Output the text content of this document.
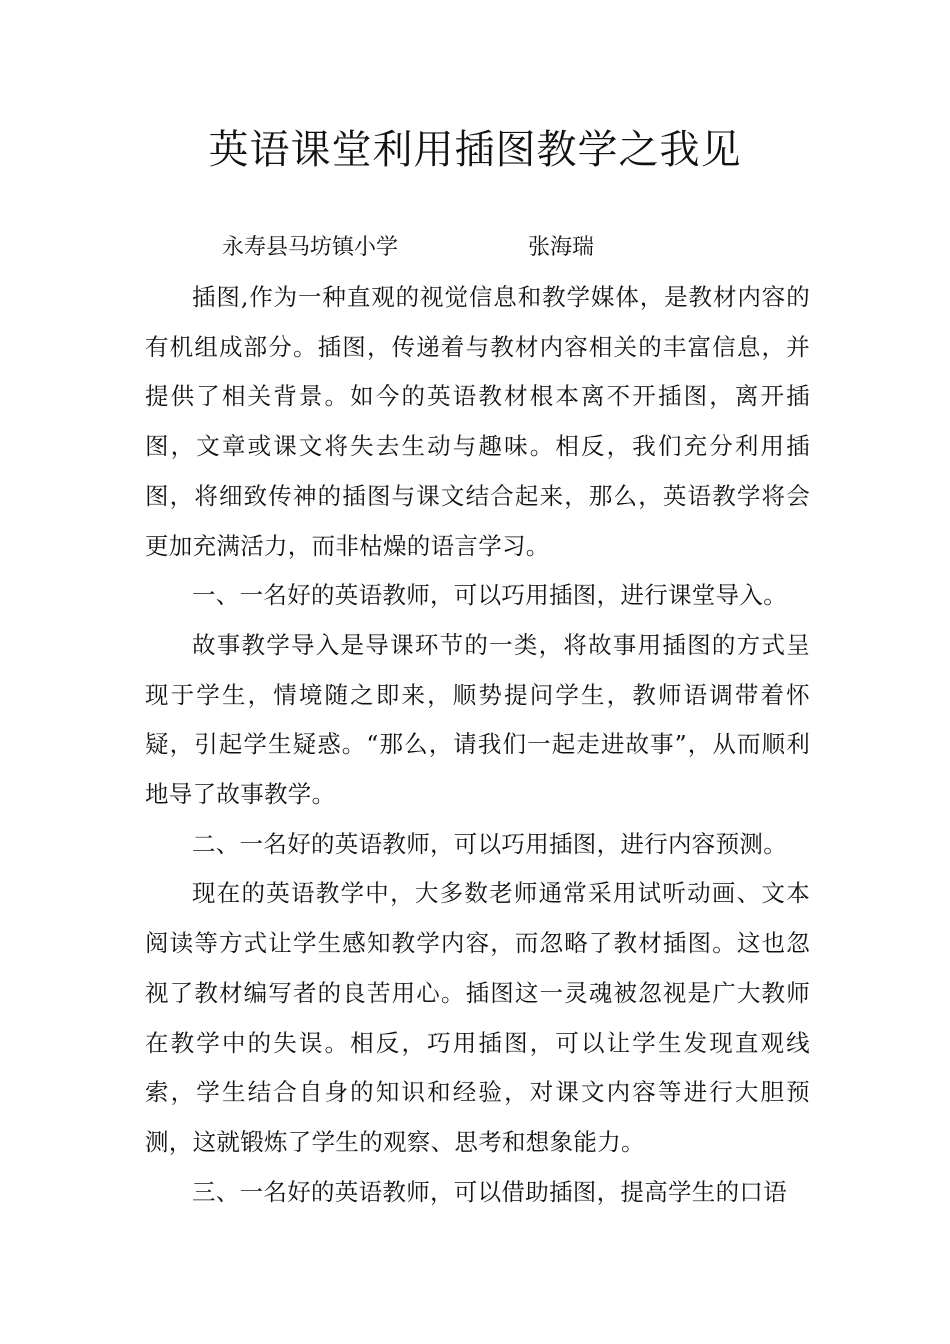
英语课堂利用插图教学之我见
永寿县马坊镇小学	张海瑞

插图,作为一种直观的视觉信息和教学媒体，是教材内容的有机组成部分。插图，传递着与教材内容相关的丰富信息，并提供了相关背景。如今的英语教材根本离不开插图，离开插图，文章或课文将失去生动与趣味。相反，我们充分利用插图，将细致传神的插图与课文结合起来，那么，英语教学将会更加充满活力，而非枯燥的语言学习。

一、一名好的英语教师，可以巧用插图，进行课堂导入。

故事教学导入是导课环节的一类，将故事用插图的方式呈现于学生，情境随之即来，顺势提问学生，教师语调带着怀疑，引起学生疑惑。“那么，请我们一起走进故事”，从而顺利地导了故事教学。

二、一名好的英语教师，可以巧用插图，进行内容预测。

现在的英语教学中，大多数老师通常采用试听动画、文本阅读等方式让学生感知教学内容，而忽略了教材插图。这也忽视了教材编写者的良苦用心。插图这一灵魂被忽视是广大教师在教学中的失误。相反，巧用插图，可以让学生发现直观线索，学生结合自身的知识和经验，对课文内容等进行大胆预测，这就锻炼了学生的观察、思考和想象能力。

三、一名好的英语教师，可以借助插图，提高学生的口语
